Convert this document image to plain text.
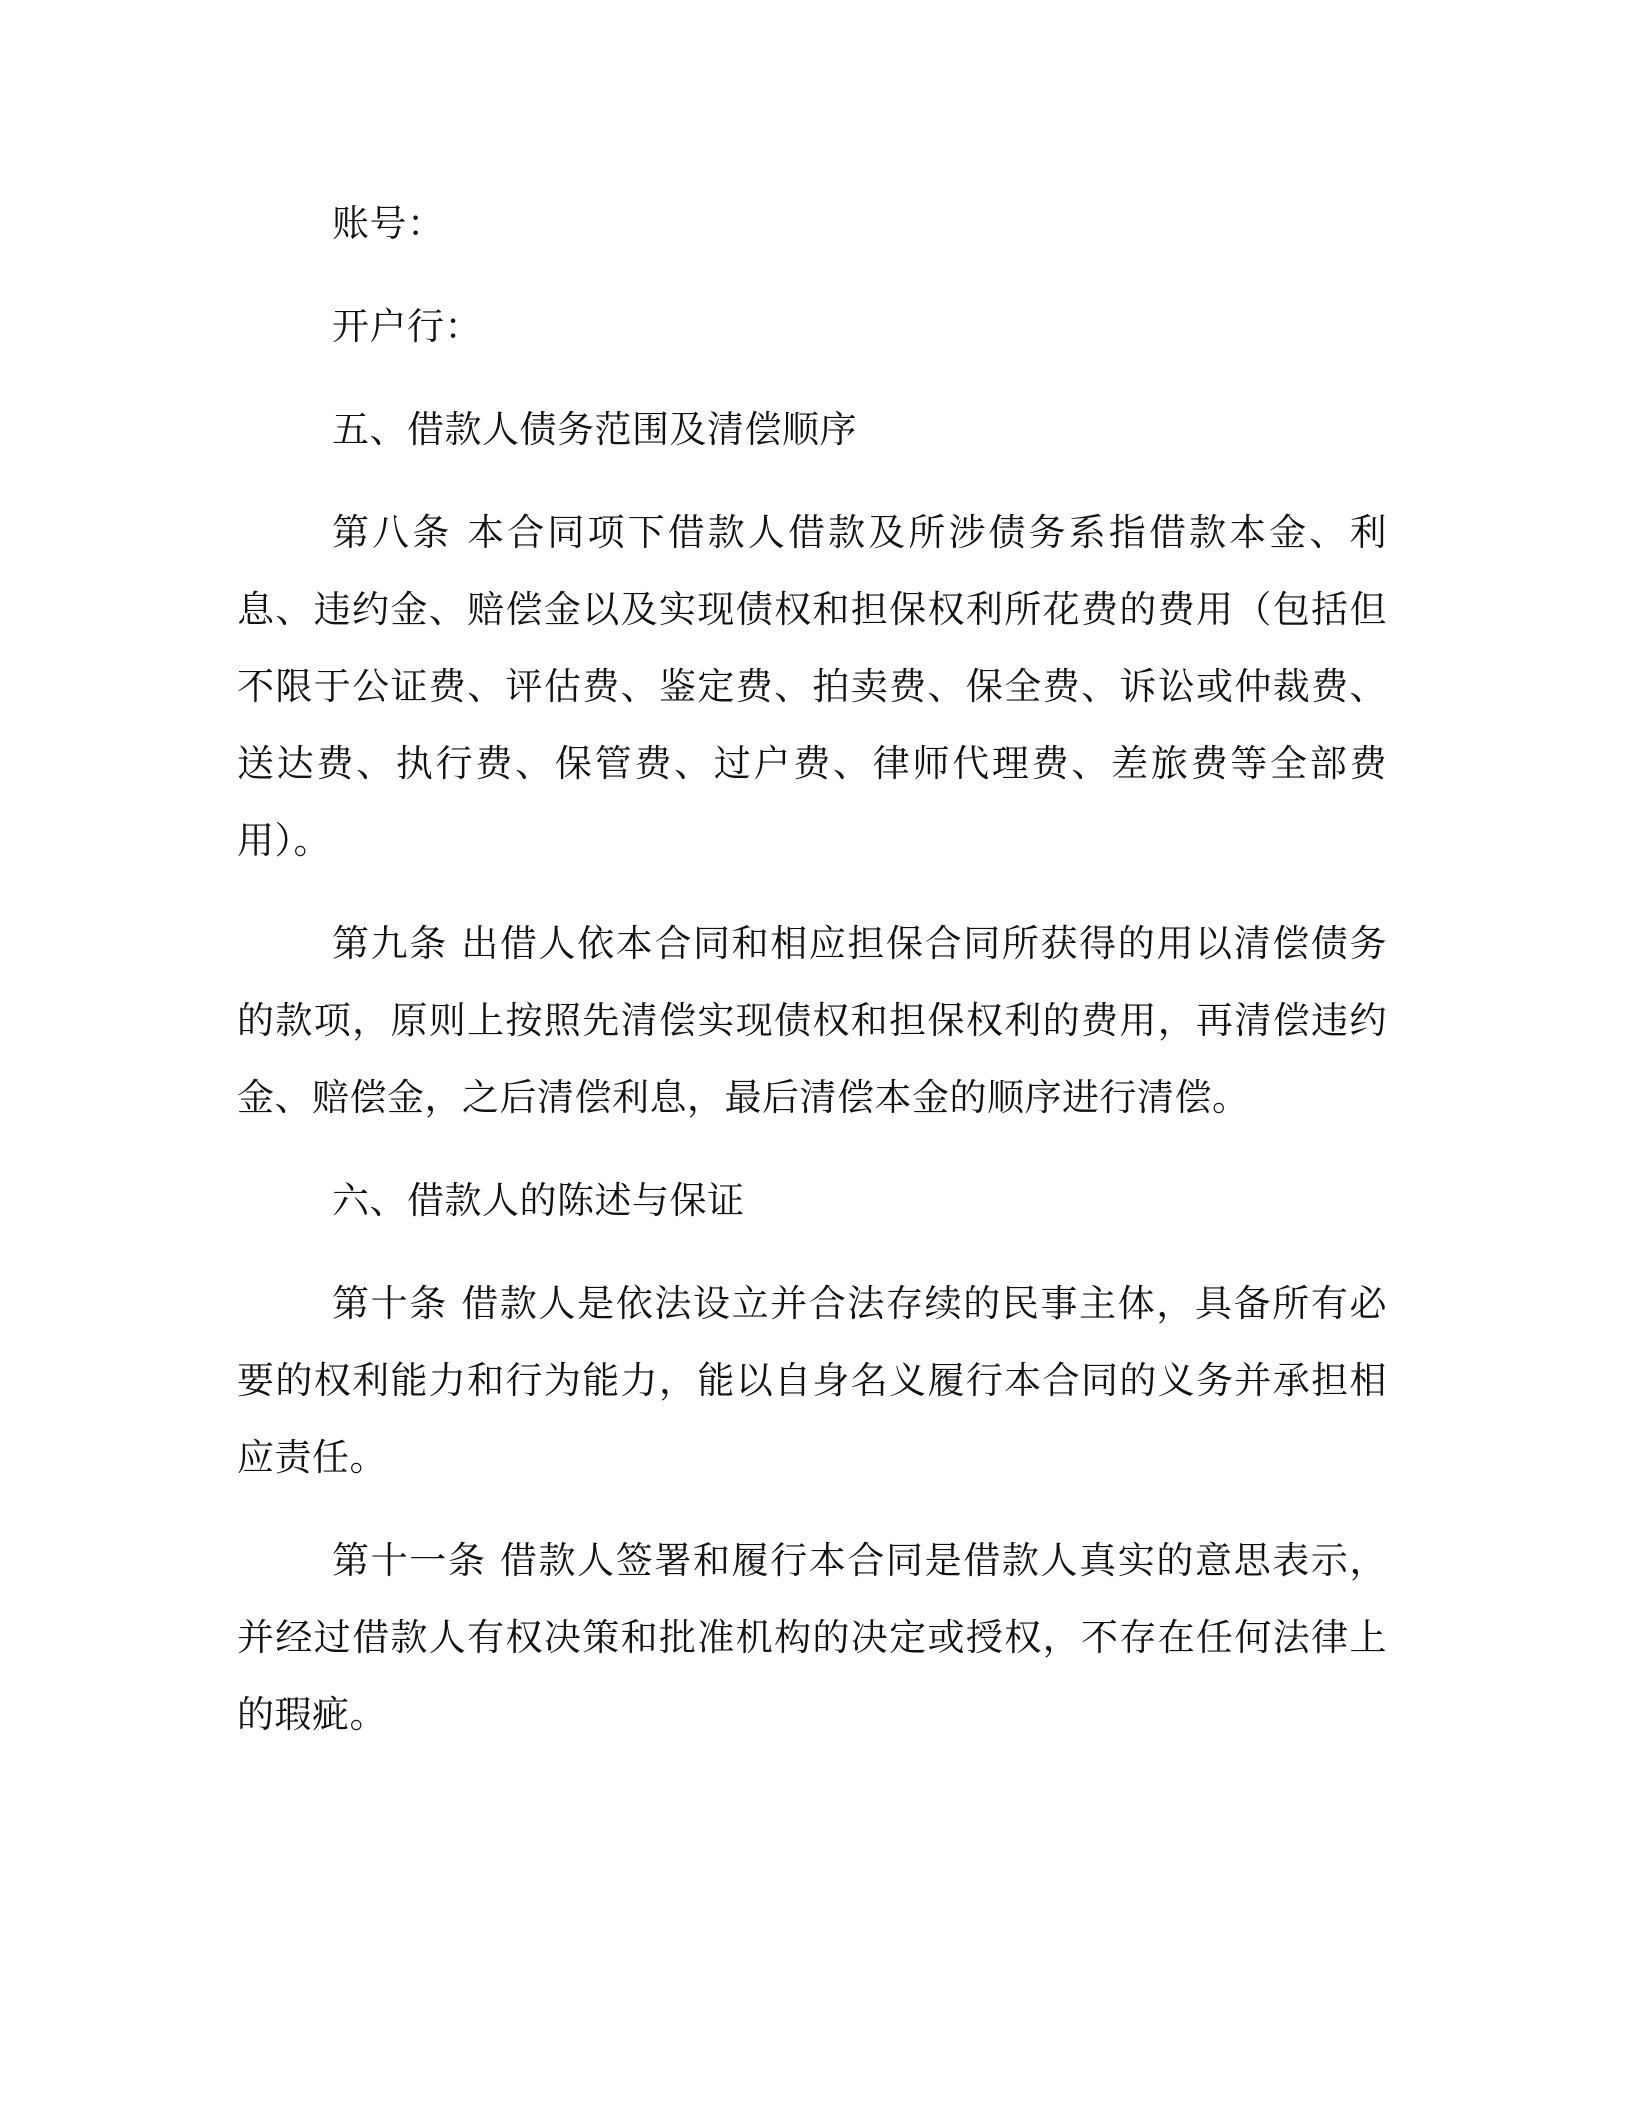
账号：

开户行：

五、借款人债务范围及清偿顺序

第八条 本合同项下借款人借款及所涉债务系指借款本金、利息、违约金、赔偿金以及实现债权和担保权利所花费的费用（包括但不限于公证费、评估费、鉴定费、拍卖费、保全费、诉讼或仲裁费、送达费、执行费、保管费、过户费、律师代理费、差旅费等全部费用）。

第九条 出借人依本合同和相应担保合同所获得的用以清偿债务的款项，原则上按照先清偿实现债权和担保权利的费用，再清偿违约金、赔偿金，之后清偿利息，最后清偿本金的顺序进行清偿。

六、借款人的陈述与保证

第十条 借款人是依法设立并合法存续的民事主体，具备所有必要的权利能力和行为能力，能以自身名义履行本合同的义务并承担相应责任。

第十一条 借款人签署和履行本合同是借款人真实的意思表示，并经过借款人有权决策和批准机构的决定或授权，不存在任何法律上的瑕疵。
